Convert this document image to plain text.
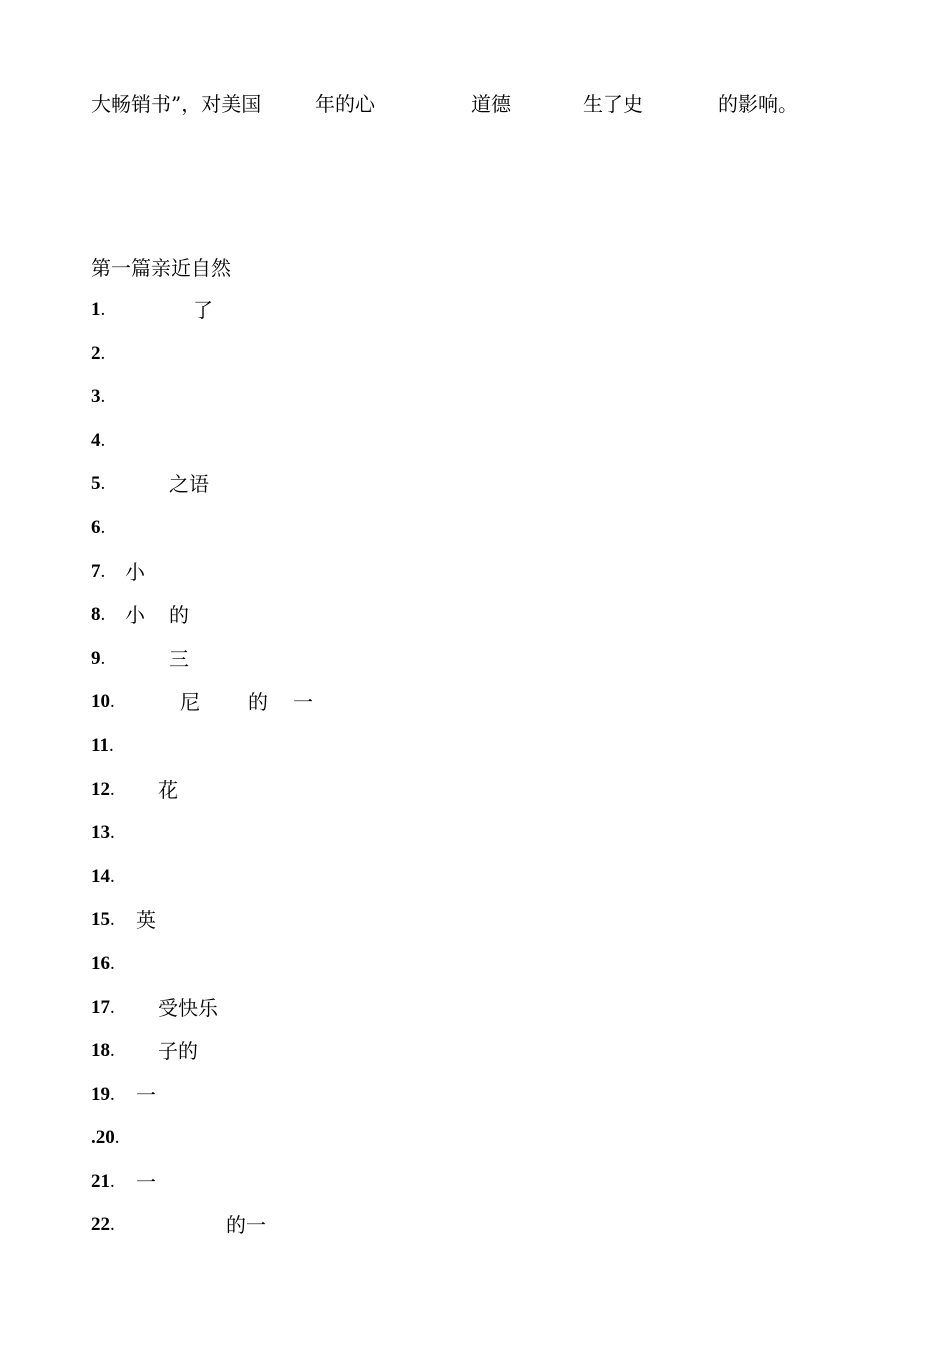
大畅销书”，对美国	年的心	道德	生了史	的影响。
第一篇亲近自然
1.	了
2.
3.
4.
5.	之语
6.
7. 小
8. 小 的
9.	三
10.	尼 的 一
11.
12. 花
13.
14.
15. 英
16.
17. 受快乐
18. 子的
19. 一
.20.
21. 一
22.	的一
